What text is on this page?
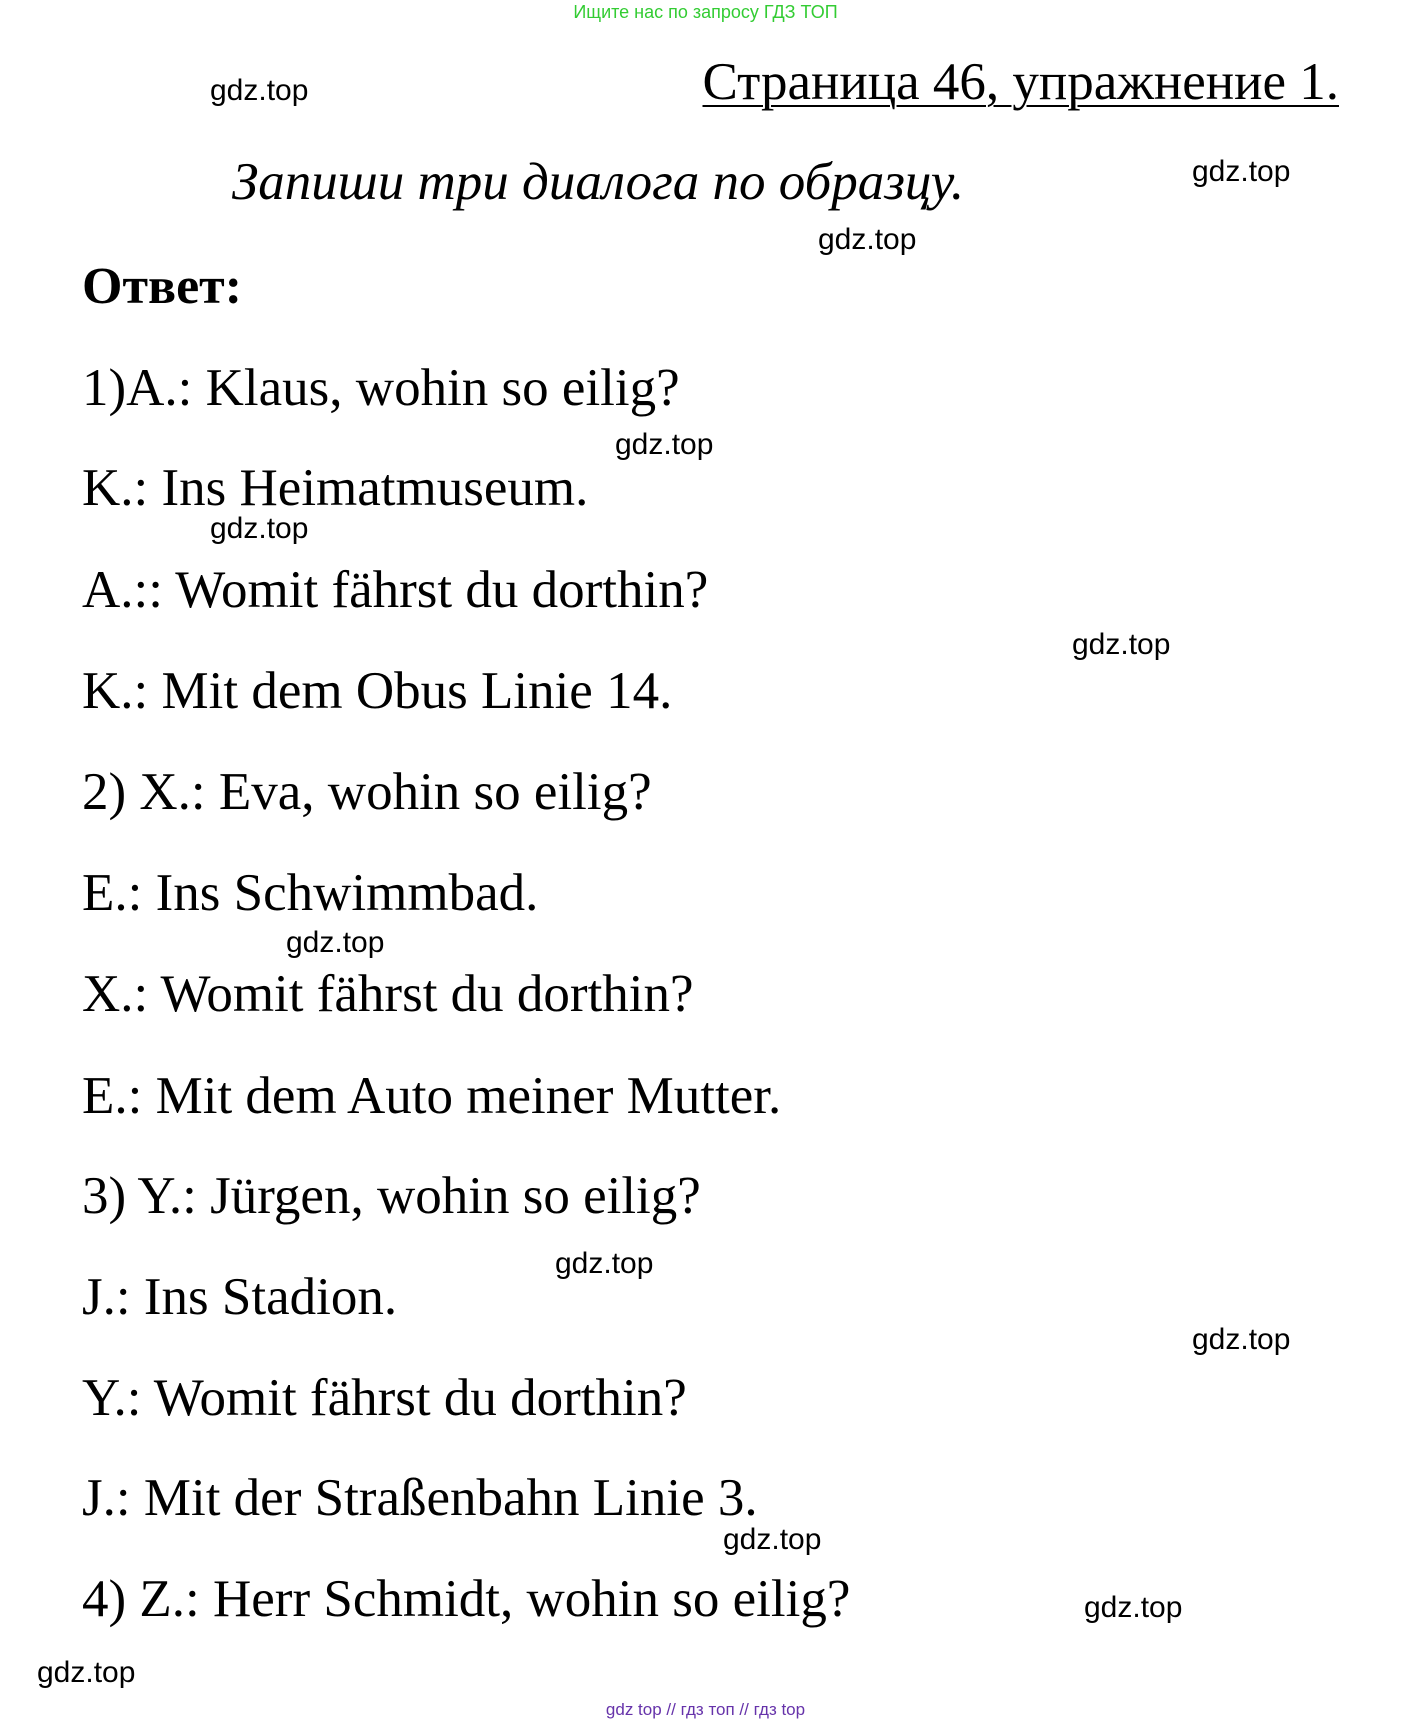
Ищите нас по запросу ГДЗ ТОП
Страница 46, упражнение 1.
Запиши три диалога по образцу.
Ответ:
1)A.: Klaus, wohin so eilig?
K.: Ins Heimatmuseum.
A.:: Womit fährst du dorthin?
K.: Mit dem Obus Linie 14.
2) X.: Eva, wohin so eilig?
E.: Ins Schwimmbad.
X.: Womit fährst du dorthin?
E.: Mit dem Auto meiner Mutter.
3) Y.: Jürgen, wohin so eilig?
J.: Ins Stadion.
Y.: Womit fährst du dorthin?
J.: Mit der Straßenbahn Linie 3.
4) Z.: Herr Schmidt, wohin so eilig?
gdz.top
gdz.top
gdz.top
gdz.top
gdz.top
gdz.top
gdz.top
gdz.top
gdz.top
gdz.top
gdz.top
gdz.top
gdz top // гдз топ // гдз top
